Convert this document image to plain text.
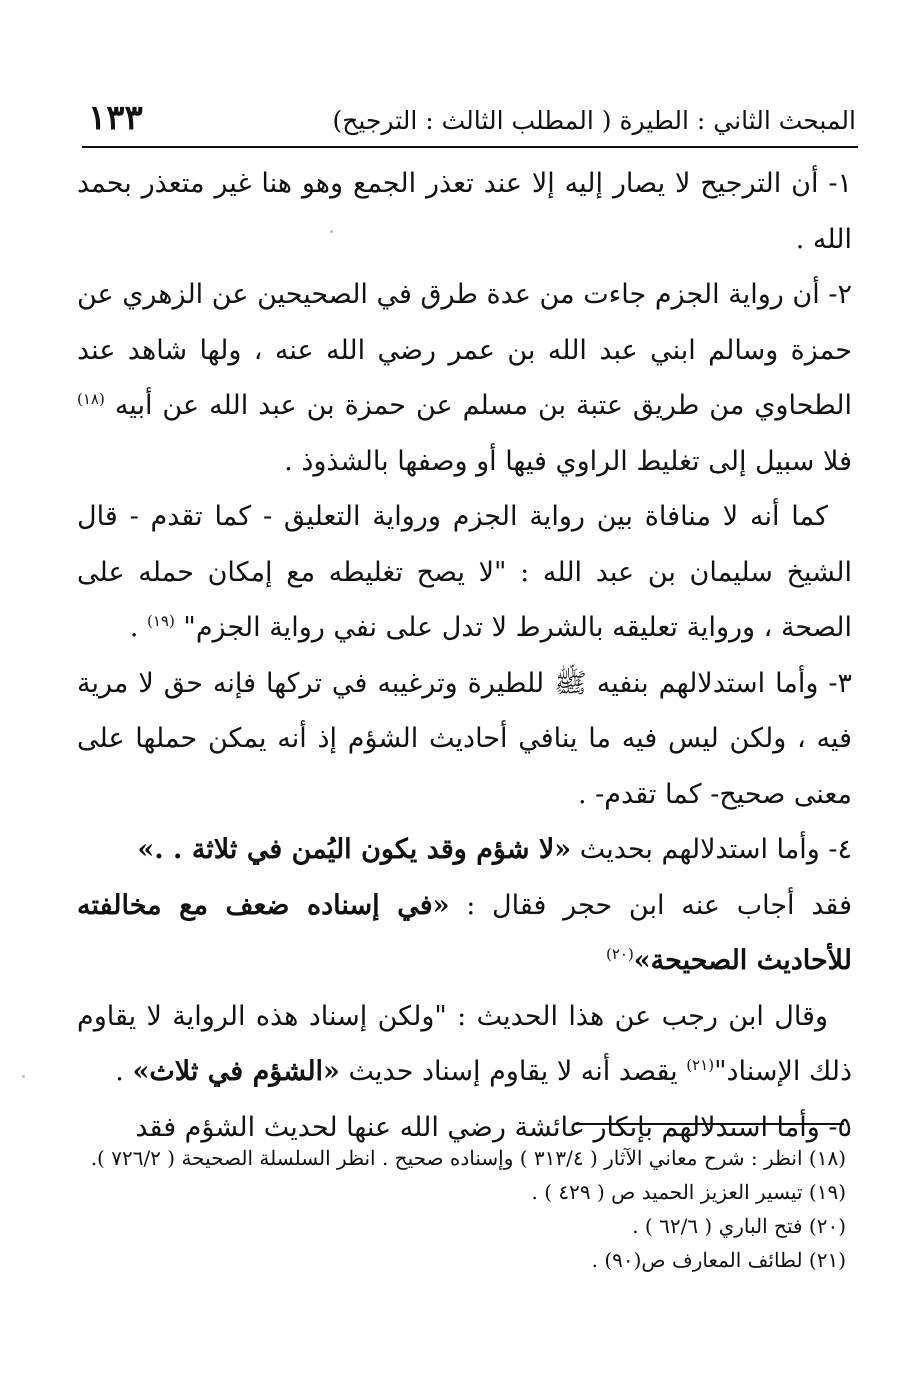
المبحث الثاني : الطيرة ( المطلب الثالث : الترجيح)
١٣٣

١- أن الترجيح لا يصار إليه إلا عند تعذر الجمع وهو هنا غير متعذر بحمد الله .

٢- أن رواية الجزم جاءت من عدة طرق في الصحيحين عن الزهري عن حمزة وسالم ابني عبد الله بن عمر رضي الله عنه ، ولها شاهد عند الطحاوي من طريق عتبة بن مسلم عن حمزة بن عبد الله عن أبيه $^{(١٨)}$ فلا سبيل إلى تغليط الراوي فيها أو وصفها بالشذوذ .

كما أنه لا منافاة بين رواية الجزم ورواية التعليق - كما تقدم - قال الشيخ سليمان بن عبد الله : "لا يصح تغليطه مع إمكان حمله على الصحة ، ورواية تعليقه بالشرط لا تدل على نفي رواية الجزم" $^{(١٩)}$ .

٣- وأما استدلالهم بنفيه ﷺ للطيرة وترغيبه في تركها فإنه حق لا مرية فيه ، ولكن ليس فيه ما ينافي أحاديث الشؤم إذ أنه يمكن حملها على معنى صحيح- كما تقدم- .

٤- وأما استدلالهم بحديث «لا شؤم وقد يكون اليُمن في ثلاثة . .»

فقد أجاب عنه ابن حجر فقال : «في إسناده ضعف مع مخالفته للأحاديث الصحيحة»$^{(٢٠)}$

وقال ابن رجب عن هذا الحديث : "ولكن إسناد هذه الرواية لا يقاوم ذلك الإسناد"$^{(٢١)}$ يقصد أنه لا يقاوم إسناد حديث «الشؤم في ثلاث» .

٥- وأما استدلالهم بإنكار عائشة رضي الله عنها لحديث الشؤم فقد

(١٨) انظر : شرح معاني الآثار ( ٣١٣/٤ ) وإسناده صحيح . انظر السلسلة الصحيحة ( ٧٢٦/٢ ).

(١٩) تيسير العزيز الحميد ص ( ٤٢٩ ) .

(٢٠) فتح الباري ( ٦٢/٦ ) .

(٢١) لطائف المعارف ص(٩٠) .
